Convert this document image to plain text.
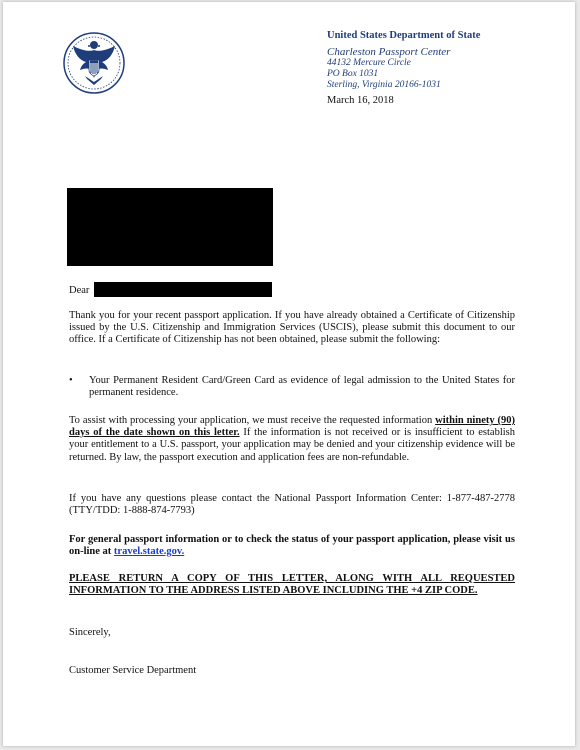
United States Department of State
Charleston Passport Center
44132 Mercure Circle
PO Box 1031
Sterling, Virginia 20166-1031
March 16, 2018
Dear
Thank you for your recent passport application. If you have already obtained a Certificate of Citizenship issued by the U.S. Citizenship and Immigration Services (USCIS), please submit this document to our office. If a Certificate of Citizenship has not been obtained, please submit the following:
• Your Permanent Resident Card/Green Card as evidence of legal admission to the United States for permanent residence.
To assist with processing your application, we must receive the requested information within ninety (90) days of the date shown on this letter. If the information is not received or is insufficient to establish your entitlement to a U.S. passport, your application may be denied and your citizenship evidence will be returned. By law, the passport execution and application fees are non-refundable.
If you have any questions please contact the National Passport Information Center: 1-877-487-2778 (TTY/TDD: 1-888-874-7793)
For general passport information or to check the status of your passport application, please visit us on-line at travel.state.gov.
PLEASE RETURN A COPY OF THIS LETTER, ALONG WITH ALL REQUESTED INFORMATION TO THE ADDRESS LISTED ABOVE INCLUDING THE +4 ZIP CODE.
Sincerely,
Customer Service Department
